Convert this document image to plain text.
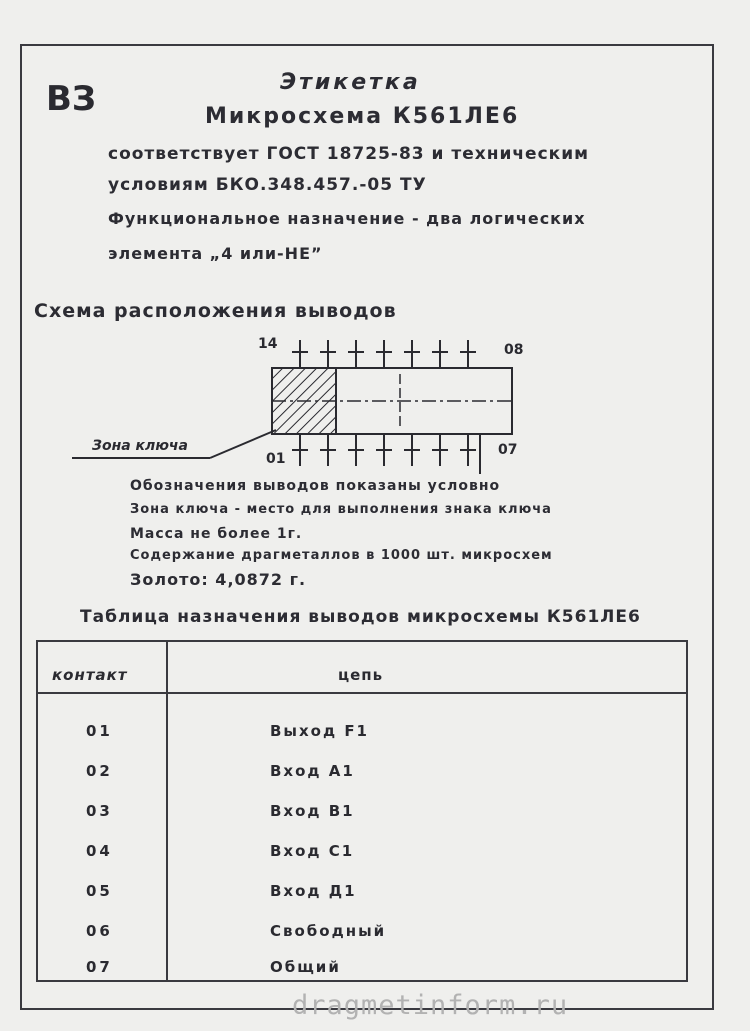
ВЗ	Этикетка
Микросхема К561ЛЕ6
соответствует ГОСТ 18725-83 и техническим
условиям БКО.348.457.-05 ТУ
Функциональное назначение - два логических
элемента „4 или-НЕ”
Схема расположения выводов
14	08
01
07
Зона ключа
Обозначения выводов показаны условно
Зона ключа - место для выполнения знака ключа
Масса не более 1г.
Содержание драгметаллов в 1000 шт. микросхем
Золото: 4,0872 г.
Таблица назначения выводов микросхемы К561ЛЕ6
контакт	цепь
01	Выход F1
02	Вход А1
03	Вход В1
04	Вход С1
05	Вход Д1
06	Свободный
07	Общий
dragmetinform.ru
